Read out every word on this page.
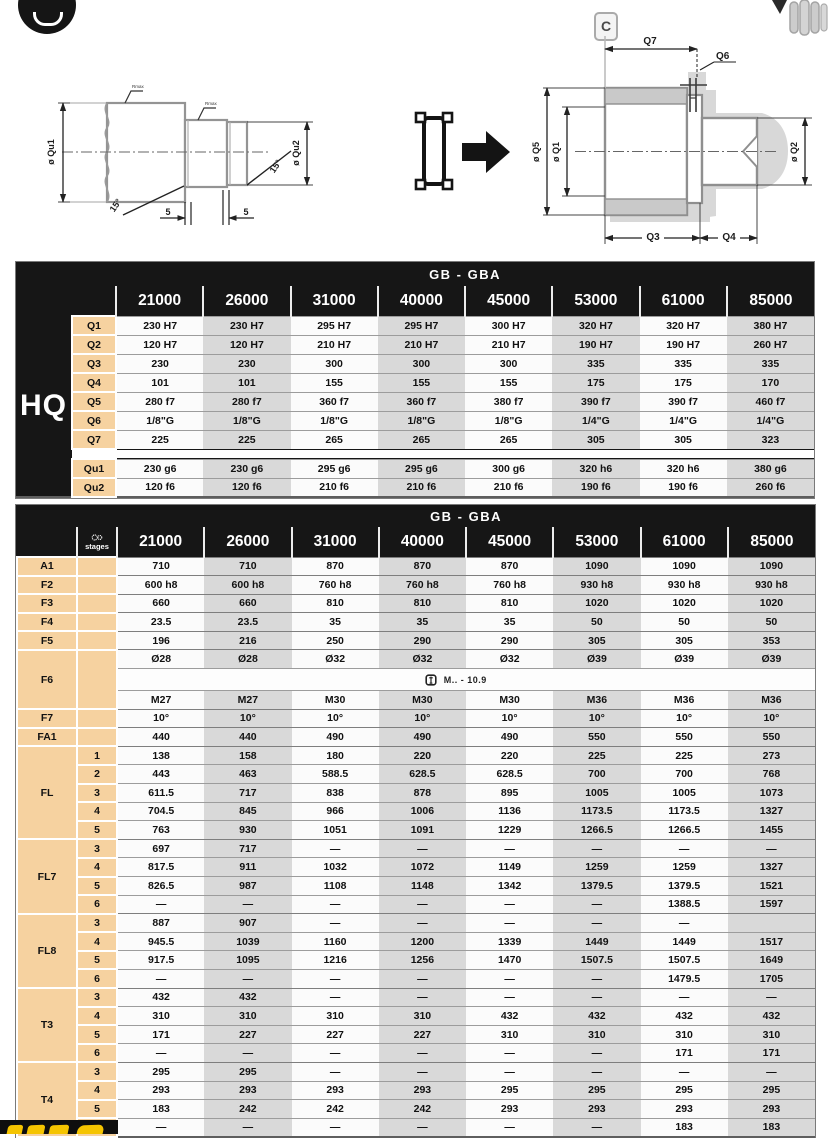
C
ø Qu1	ø Qu2
5	5
15°
15°
Rmax
Rmax
Q7
Q6
ø Q5 ø Q1	ø Q2
Q3	Q4
		GB - GBA							
		21000	26000	31000	40000	45000	53000	61000	85000
HQ	Q1	230 H7	230 H7	295 H7	295 H7	300 H7	320 H7	320 H7	380 H7
	Q2	120 H7	120 H7	210 H7	210 H7	210 H7	190 H7	190 H7	260 H7
	Q3	230	230	300	300	300	335	335	335
	Q4	101	101	155	155	155	175	175	170
	Q5	280 f7	280 f7	360 f7	360 f7	380 f7	390 f7	390 f7	460 f7
	Q6	1/8"G	1/8"G	1/8"G	1/8"G	1/8"G	1/4"G	1/4"G	1/4"G
	Q7	225	225	265	265	265	305	305	323

	Qu1	230 g6	230 g6	295 g6	295 g6	300 g6	320 h6	320 h6	380 g6
	Qu2	120 f6	120 f6	210 f6	210 f6	210 f6	190 f6	190 f6	260 f6
		GB - GBA							

	stages	21000	26000	31000	40000	45000	53000	61000	85000
A1		710	710	870	870	870	1090	1090	1090
F2		600 h8	600 h8	760 h8	760 h8	760 h8	930 h8	930 h8	930 h8
F3		660	660	810	810	810	1020	1020	1020
F4		23.5	23.5	35	35	35	50	50	50
F5		196	216	250	290	290	305	305	353
F6		Ø28	Ø28	Ø32	Ø32	Ø32	Ø39	Ø39	Ø39

		M.. - 10.9							

		M27	M27	M30	M30	M30	M36	M36	M36
F7		10°	10°	10°	10°	10°	10°	10°	10°
FA1		440	440	490	490	490	550	550	550
FL	1	138	158	180	220	220	225	225	273
	2	443	463	588.5	628.5	628.5	700	700	768
	3	611.5	717	838	878	895	1005	1005	1073
	4	704.5	845	966	1006	1136	1173.5	1173.5	1327
	5	763	930	1051	1091	1229	1266.5	1266.5	1455
FL7	3	697	717	—	—	—	—	—	—
	4	817.5	911	1032	1072	1149	1259	1259	1327
	5	826.5	987	1108	1148	1342	1379.5	1379.5	1521
	6	—	—	—	—	—	—	1388.5	1597
FL8	3	887	907	—	—	—	—	—	
	4	945.5	1039	1160	1200	1339	1449	1449	1517
	5	917.5	1095	1216	1256	1470	1507.5	1507.5	1649
	6	—	—	—	—	—	—	1479.5	1705
T3	3	432	432	—	—	—	—	—	—
	4	310	310	310	310	432	432	432	432
	5	171	227	227	227	310	310	310	310
	6	—	—	—	—	—	—	171	171
T4	3	295	295	—	—	—	—	—	—
	4	293	293	293	293	295	295	295	295
	5	183	242	242	242	293	293	293	293
	—	—	—	—	—	—	183	183
